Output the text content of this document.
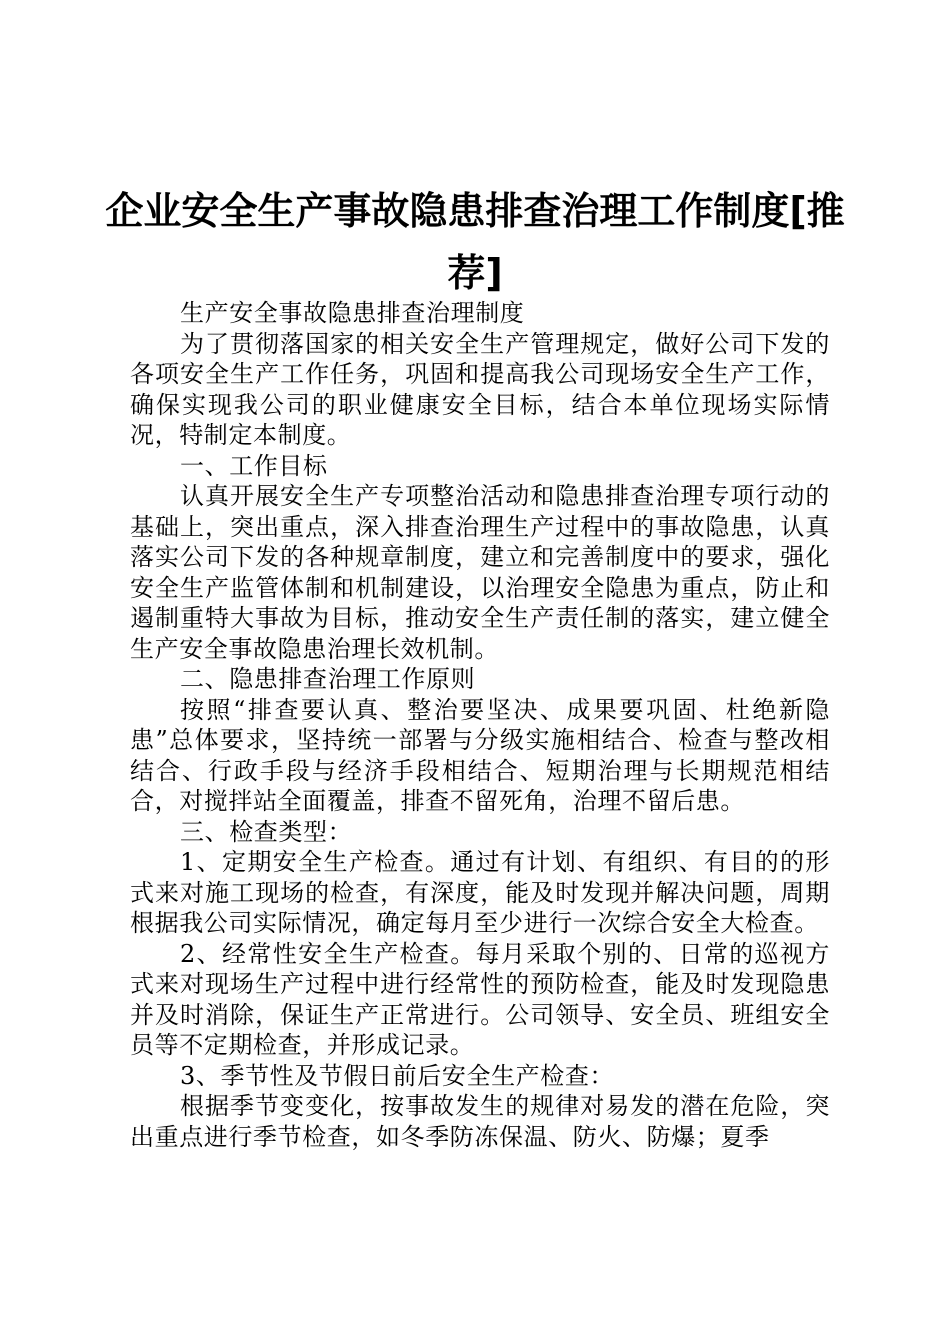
企业安全生产事故隐患排查治理工作制度[推荐]

生产安全事故隐患排查治理制度

为了贯彻落国家的相关安全生产管理规定，做好公司下发的各项安全生产工作任务，巩固和提高我公司现场安全生产工作，确保实现我公司的职业健康安全目标，结合本单位现场实际情况，特制定本制度。

一、工作目标

认真开展安全生产专项整治活动和隐患排查治理专项行动的基础上，突出重点，深入排查治理生产过程中的事故隐患，认真落实公司下发的各种规章制度，建立和完善制度中的要求，强化安全生产监管体制和机制建设，以治理安全隐患为重点，防止和遏制重特大事故为目标，推动安全生产责任制的落实，建立健全生产安全事故隐患治理长效机制。

二、隐患排查治理工作原则

按照“排查要认真、整治要坚决、成果要巩固、杜绝新隐患”总体要求，坚持统一部署与分级实施相结合、检查与整改相结合、行政手段与经济手段相结合、短期治理与长期规范相结合，对搅拌站全面覆盖，排查不留死角，治理不留后患。

三、检查类型：

1、定期安全生产检查。通过有计划、有组织、有目的的形式来对施工现场的检查，有深度，能及时发现并解决问题，周期根据我公司实际情况，确定每月至少进行一次综合安全大检查。

2、经常性安全生产检查。每月采取个别的、日常的巡视方式来对现场生产过程中进行经常性的预防检查，能及时发现隐患并及时消除，保证生产正常进行。公司领导、安全员、班组安全员等不定期检查，并形成记录。

3、季节性及节假日前后安全生产检查：

根据季节变变化，按事故发生的规律对易发的潜在危险，突出重点进行季节检查，如冬季防冻保温、防火、防爆；夏季
